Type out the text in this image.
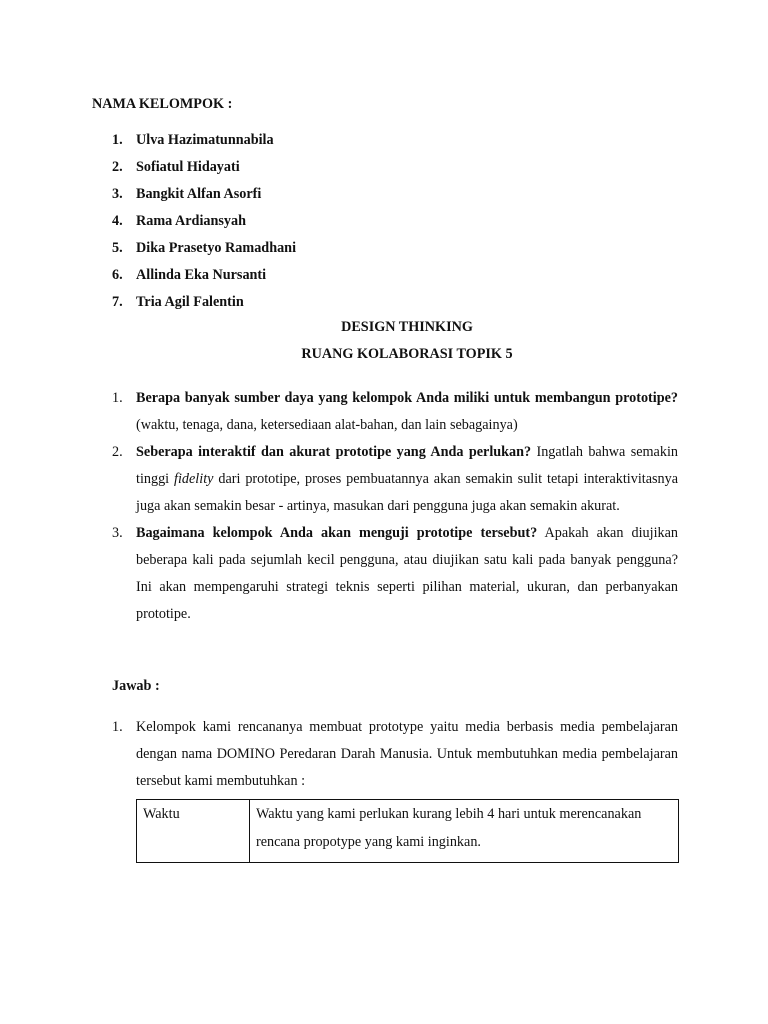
NAMA KELOMPOK :
1. Ulva Hazimatunnabila
2. Sofiatul Hidayati
3. Bangkit Alfan Asorfi
4. Rama Ardiansyah
5. Dika Prasetyo Ramadhani
6. Allinda Eka Nursanti
7. Tria Agil Falentin
DESIGN THINKING
RUANG KOLABORASI TOPIK 5
1. Berapa banyak sumber daya yang kelompok Anda miliki untuk membangun prototipe? (waktu, tenaga, dana, ketersediaan alat-bahan, dan lain sebagainya)
2. Seberapa interaktif dan akurat prototipe yang Anda perlukan? Ingatlah bahwa semakin tinggi fidelity dari prototipe, proses pembuatannya akan semakin sulit tetapi interaktivitasnya juga akan semakin besar - artinya, masukan dari pengguna juga akan semakin akurat.
3. Bagaimana kelompok Anda akan menguji prototipe tersebut? Apakah akan diujikan beberapa kali pada sejumlah kecil pengguna, atau diujikan satu kali pada banyak pengguna? Ini akan mempengaruhi strategi teknis seperti pilihan material, ukuran, dan perbanyakan prototipe.
Jawab :
1. Kelompok kami rencananya membuat prototype yaitu media berbasis media pembelajaran dengan nama DOMINO Peredaran Darah Manusia. Untuk membutuhkan media pembelajaran tersebut kami membutuhkan :
Waktu	Waktu yang kami perlukan kurang lebih 4 hari untuk merencanakan rencana propotype yang kami inginkan.
